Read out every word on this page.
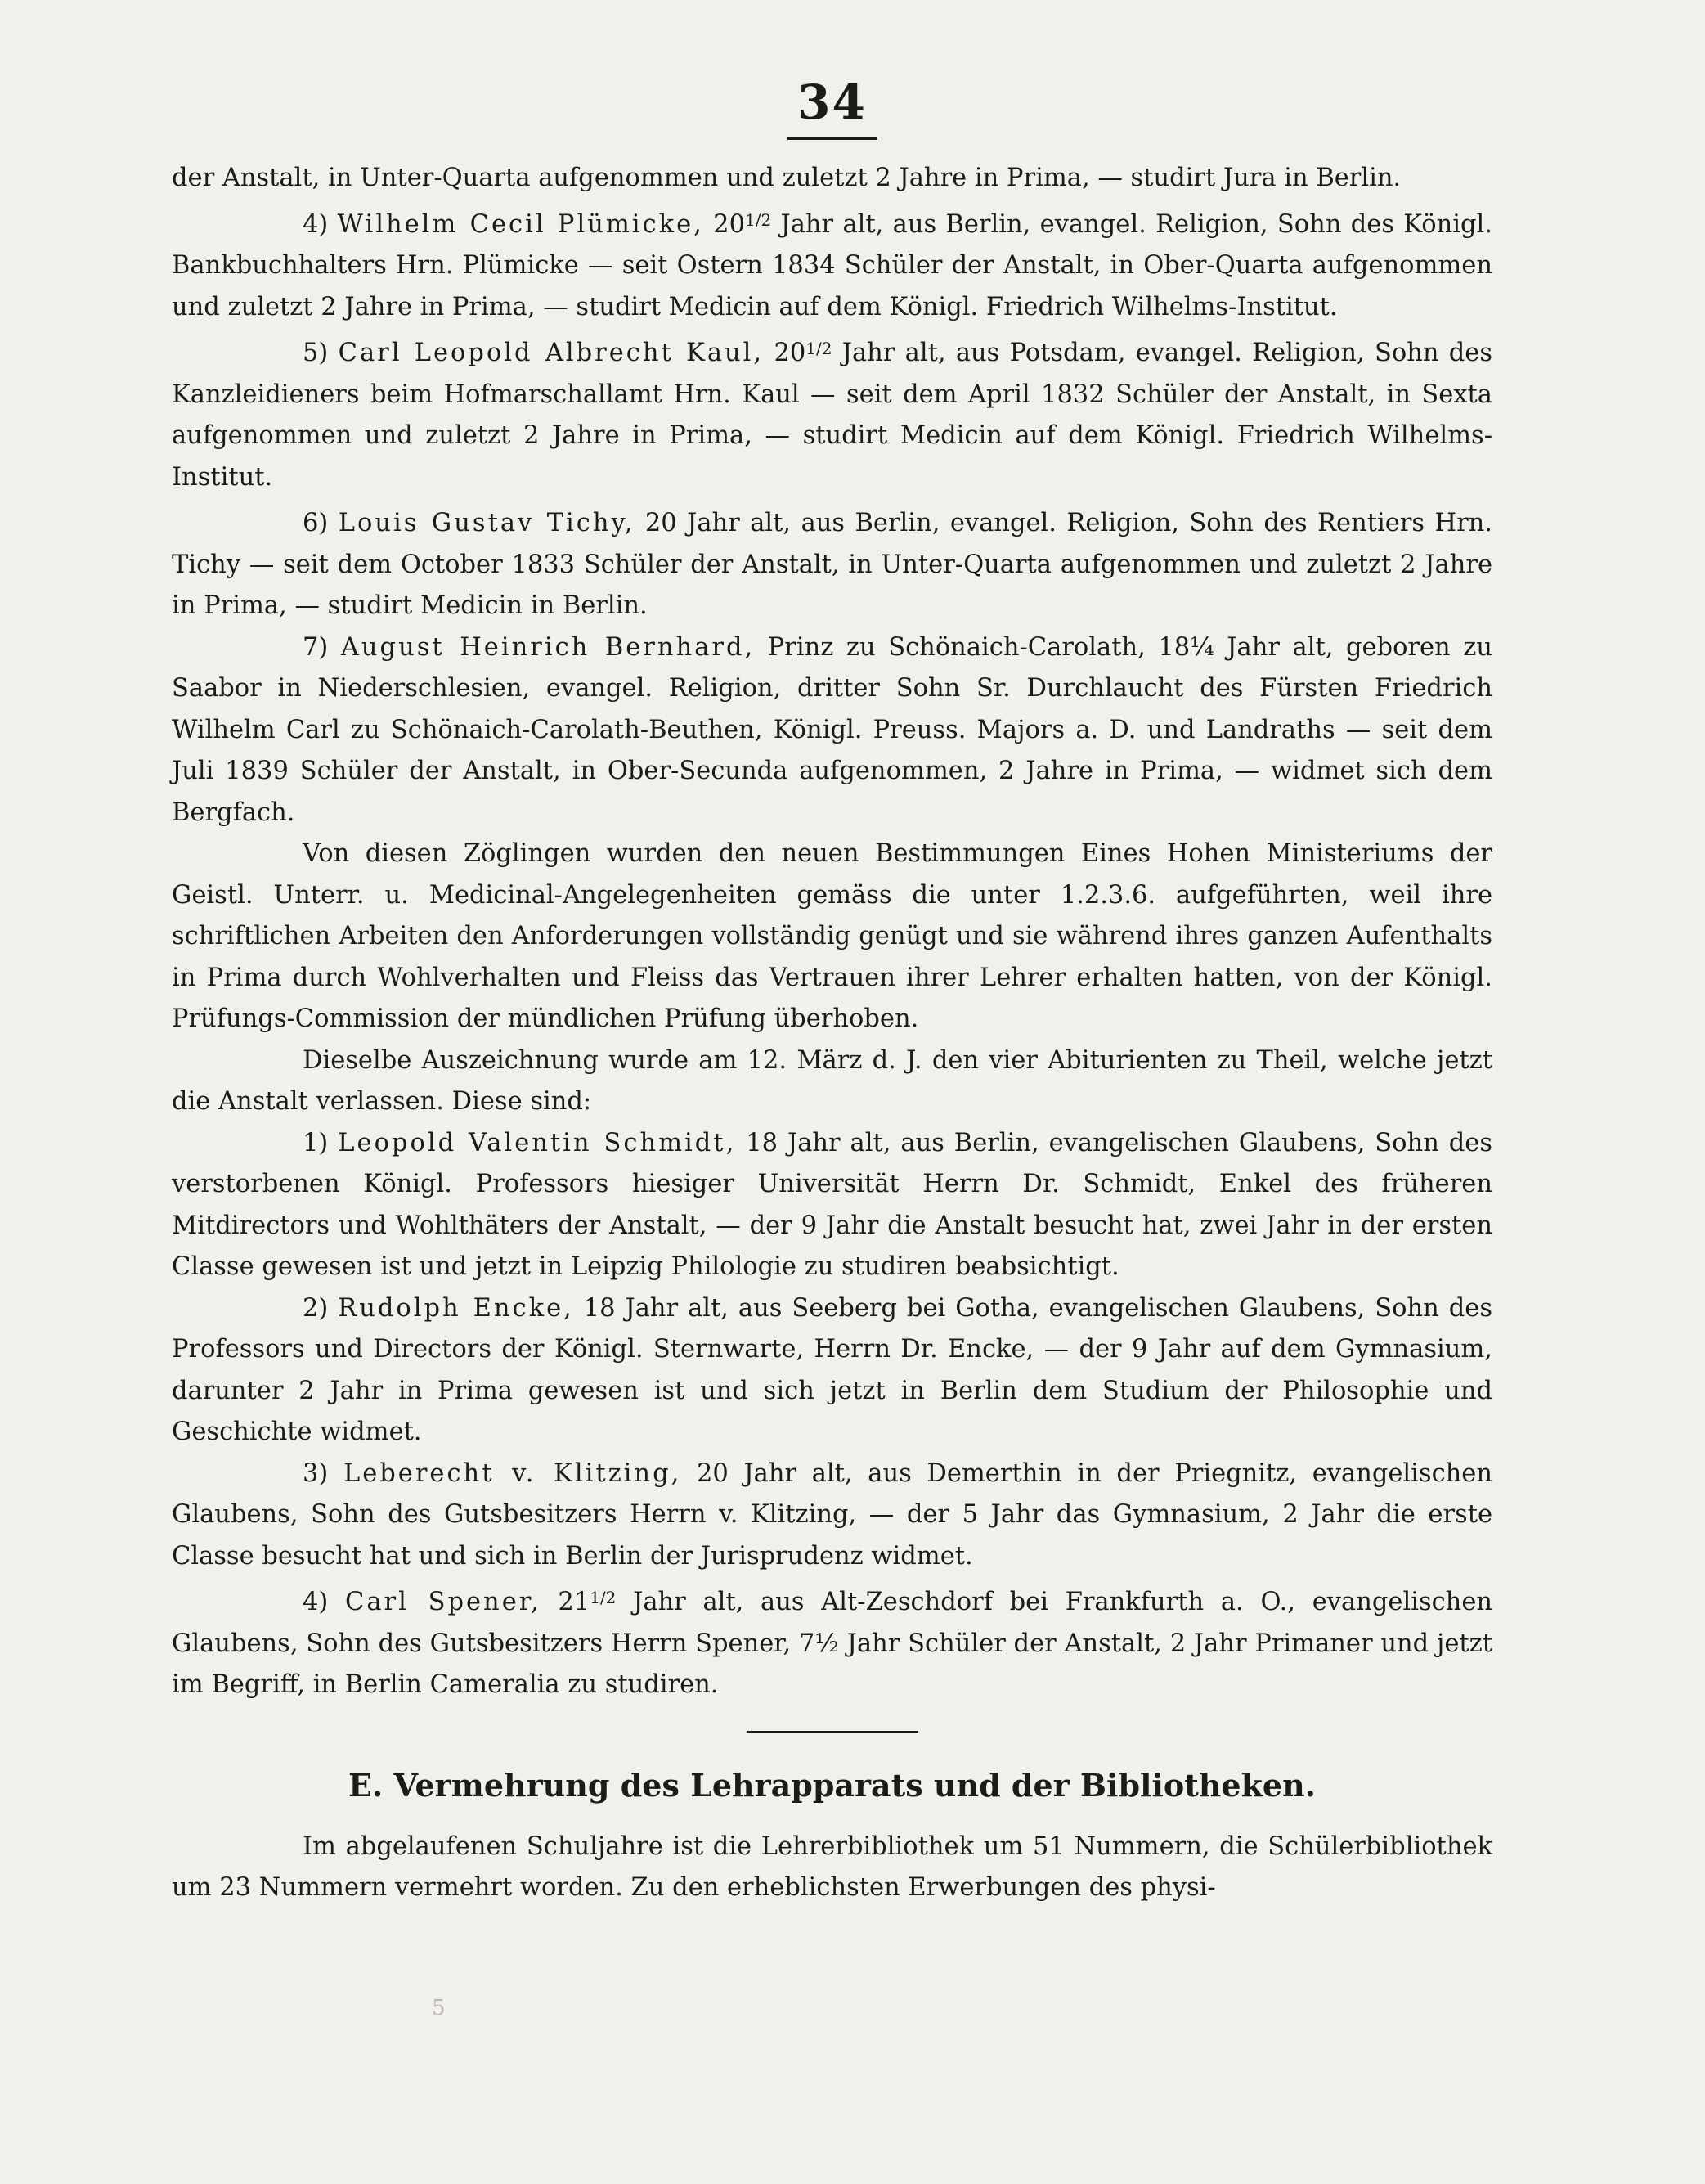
34

der Anstalt, in Unter-Quarta aufgenommen und zuletzt 2 Jahre in Prima, — studirt Jura in Berlin.

4) Wilhelm Cecil Plümicke, $20^{1/2}$ Jahr alt, aus Berlin, evangel. Religion, Sohn des Königl. Bankbuchhalters Hrn. Plümicke — seit Ostern 1834 Schüler der Anstalt, in Ober-Quarta aufgenommen und zuletzt 2 Jahre in Prima, — studirt Medicin auf dem Königl. Friedrich Wilhelms-Institut.

5) Carl Leopold Albrecht Kaul, $20^{1/2}$ Jahr alt, aus Potsdam, evangel. Religion, Sohn des Kanzleidieners beim Hofmarschallamt Hrn. Kaul — seit dem April 1832 Schüler der Anstalt, in Sexta aufgenommen und zuletzt 2 Jahre in Prima, — studirt Medicin auf dem Königl. Friedrich Wilhelms-Institut.

6) Louis Gustav Tichy, 20 Jahr alt, aus Berlin, evangel. Religion, Sohn des Rentiers Hrn. Tichy — seit dem October 1833 Schüler der Anstalt, in Unter-Quarta aufgenommen und zuletzt 2 Jahre in Prima, — studirt Medicin in Berlin.

7) August Heinrich Bernhard, Prinz zu Schönaich-Carolath, 18¼ Jahr alt, geboren zu Saabor in Niederschlesien, evangel. Religion, dritter Sohn Sr. Durchlaucht des Fürsten Friedrich Wilhelm Carl zu Schönaich-Carolath-Beuthen, Königl. Preuss. Majors a. D. und Landraths — seit dem Juli 1839 Schüler der Anstalt, in Ober-Secunda aufgenommen, 2 Jahre in Prima, — widmet sich dem Bergfach.

Von diesen Zöglingen wurden den neuen Bestimmungen Eines Hohen Ministeriums der Geistl. Unterr. u. Medicinal-Angelegenheiten gemäss die unter 1.2.3.6. aufgeführten, weil ihre schriftlichen Arbeiten den Anforderungen vollständig genügt und sie während ihres ganzen Aufenthalts in Prima durch Wohlverhalten und Fleiss das Vertrauen ihrer Lehrer erhalten hatten, von der Königl. Prüfungs-Commission der mündlichen Prüfung überhoben.

Dieselbe Auszeichnung wurde am 12. März d. J. den vier Abiturienten zu Theil, welche jetzt die Anstalt verlassen. Diese sind:

1) Leopold Valentin Schmidt, 18 Jahr alt, aus Berlin, evangelischen Glaubens, Sohn des verstorbenen Königl. Professors hiesiger Universität Herrn Dr. Schmidt, Enkel des früheren Mitdirectors und Wohlthäters der Anstalt, — der 9 Jahr die Anstalt besucht hat, zwei Jahr in der ersten Classe gewesen ist und jetzt in Leipzig Philologie zu studiren beabsichtigt.

2) Rudolph Encke, 18 Jahr alt, aus Seeberg bei Gotha, evangelischen Glaubens, Sohn des Professors und Directors der Königl. Sternwarte, Herrn Dr. Encke, — der 9 Jahr auf dem Gymnasium, darunter 2 Jahr in Prima gewesen ist und sich jetzt in Berlin dem Studium der Philosophie und Geschichte widmet.

3) Leberecht v. Klitzing, 20 Jahr alt, aus Demerthin in der Priegnitz, evangelischen Glaubens, Sohn des Gutsbesitzers Herrn v. Klitzing, — der 5 Jahr das Gymnasium, 2 Jahr die erste Classe besucht hat und sich in Berlin der Jurisprudenz widmet.

4) Carl Spener, $21^{1/2}$ Jahr alt, aus Alt-Zeschdorf bei Frankfurth a. O., evangelischen Glaubens, Sohn des Gutsbesitzers Herrn Spener, 7½ Jahr Schüler der Anstalt, 2 Jahr Primaner und jetzt im Begriff, in Berlin Cameralia zu studiren.

E. Vermehrung des Lehrapparats und der Bibliotheken.

Im abgelaufenen Schuljahre ist die Lehrerbibliothek um 51 Nummern, die Schülerbibliothek um 23 Nummern vermehrt worden. Zu den erheblichsten Erwerbungen des physi-

5
